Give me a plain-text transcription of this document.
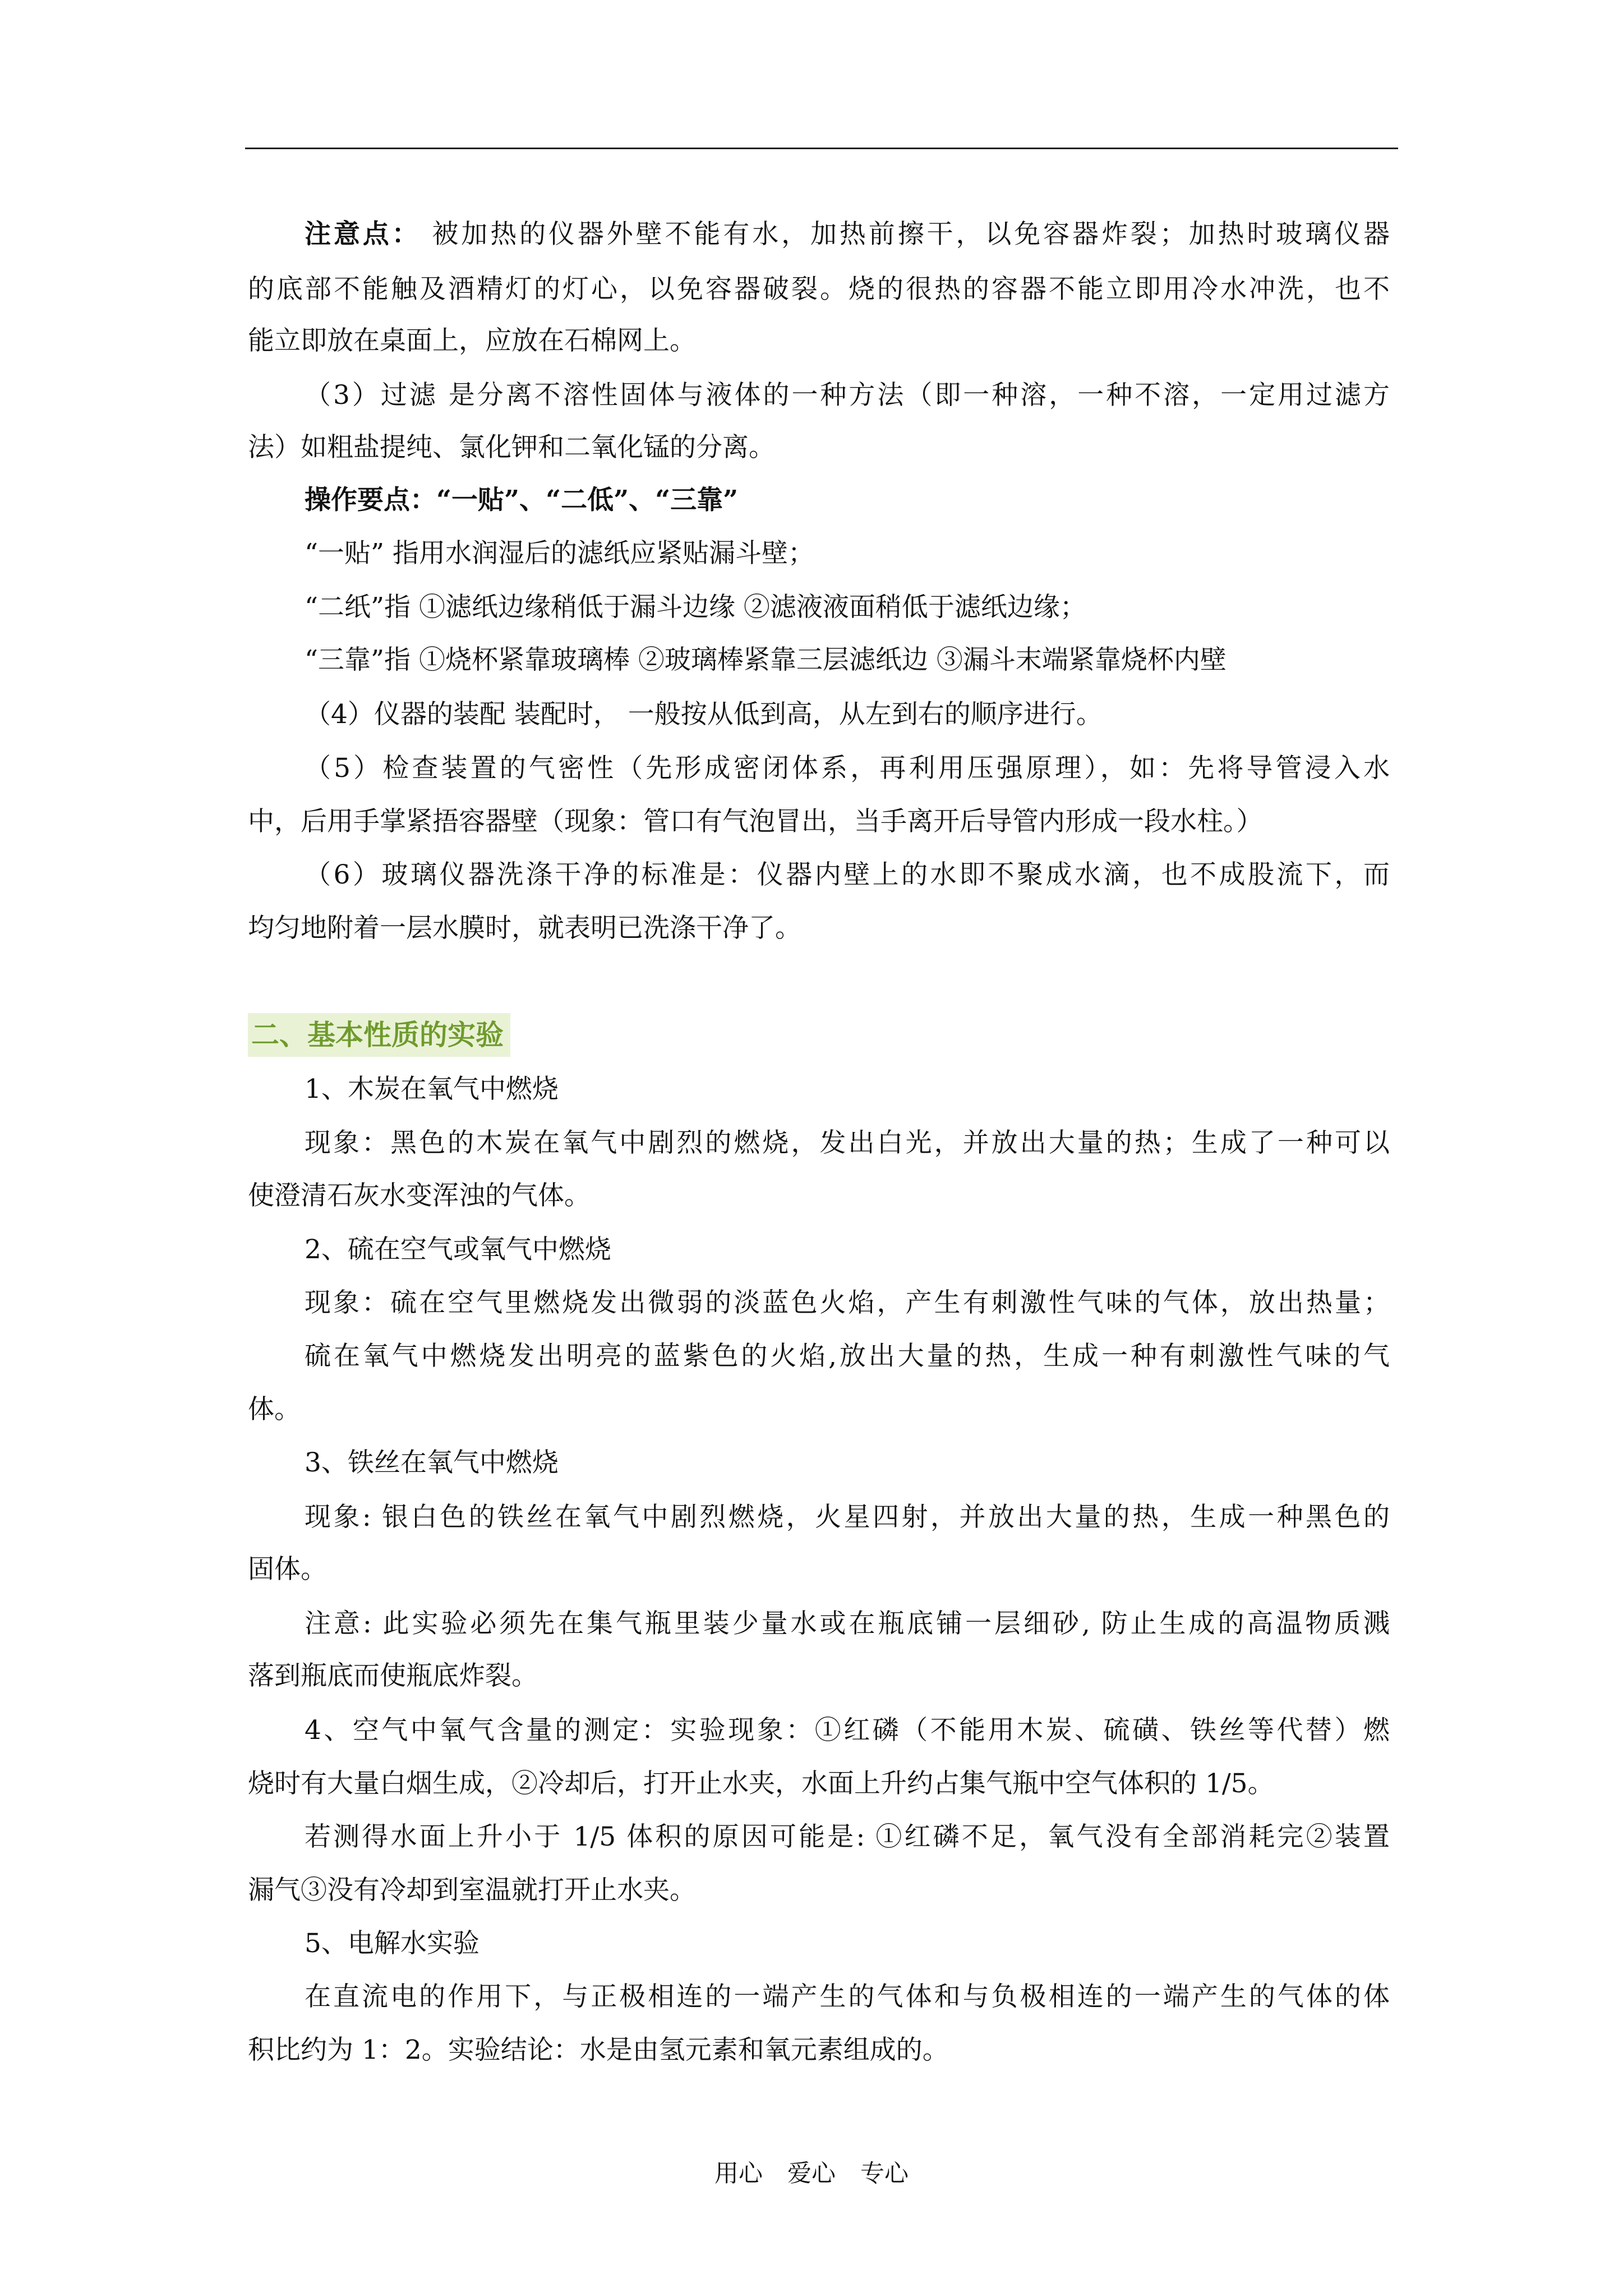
注意点： 被加热的仪器外壁不能有水，加热前擦干，以免容器炸裂；加热时玻璃仪器
的底部不能触及酒精灯的灯心，以免容器破裂。烧的很热的容器不能立即用冷水冲洗，也不
能立即放在桌面上，应放在石棉网上。
（3）过滤 是分离不溶性固体与液体的一种方法（即一种溶，一种不溶，一定用过滤方
法）如粗盐提纯、氯化钾和二氧化锰的分离。
操作要点：“一贴”、“二低”、“三靠”
“一贴” 指用水润湿后的滤纸应紧贴漏斗壁；
“二纸”指 ①滤纸边缘稍低于漏斗边缘 ②滤液液面稍低于滤纸边缘；
“三靠”指 ①烧杯紧靠玻璃棒 ②玻璃棒紧靠三层滤纸边 ③漏斗末端紧靠烧杯内壁
（4）仪器的装配 装配时， 一般按从低到高，从左到右的顺序进行。
（5）检查装置的气密性（先形成密闭体系，再利用压强原理），如：先将导管浸入水
中，后用手掌紧捂容器壁（现象：管口有气泡冒出，当手离开后导管内形成一段水柱。）
（6）玻璃仪器洗涤干净的标准是：仪器内壁上的水即不聚成水滴，也不成股流下，而
均匀地附着一层水膜时，就表明已洗涤干净了。
二、基本性质的实验
1、木炭在氧气中燃烧
现象：黑色的木炭在氧气中剧烈的燃烧，发出白光，并放出大量的热；生成了一种可以
使澄清石灰水变浑浊的气体。
2、硫在空气或氧气中燃烧
现象：硫在空气里燃烧发出微弱的淡蓝色火焰，产生有刺激性气味的气体，放出热量；
硫在氧气中燃烧发出明亮的蓝紫色的火焰,放出大量的热，生成一种有刺激性气味的气
体。
3、铁丝在氧气中燃烧
现象: 银白色的铁丝在氧气中剧烈燃烧，火星四射，并放出大量的热，生成一种黑色的
固体。
注意: 此实验必须先在集气瓶里装少量水或在瓶底铺一层细砂, 防止生成的高温物质溅
落到瓶底而使瓶底炸裂。
4、空气中氧气含量的测定：实验现象：①红磷（不能用木炭、硫磺、铁丝等代替）燃
烧时有大量白烟生成，②冷却后，打开止水夹，水面上升约占集气瓶中空气体积的 1/5。
若测得水面上升小于 1/5 体积的原因可能是: ①红磷不足，氧气没有全部消耗完②装置
漏气③没有冷却到室温就打开止水夹。
5、电解水实验
在直流电的作用下，与正极相连的一端产生的气体和与负极相连的一端产生的气体的体
积比约为 1：2。实验结论：水是由氢元素和氧元素组成的。
用心 爱心 专心
